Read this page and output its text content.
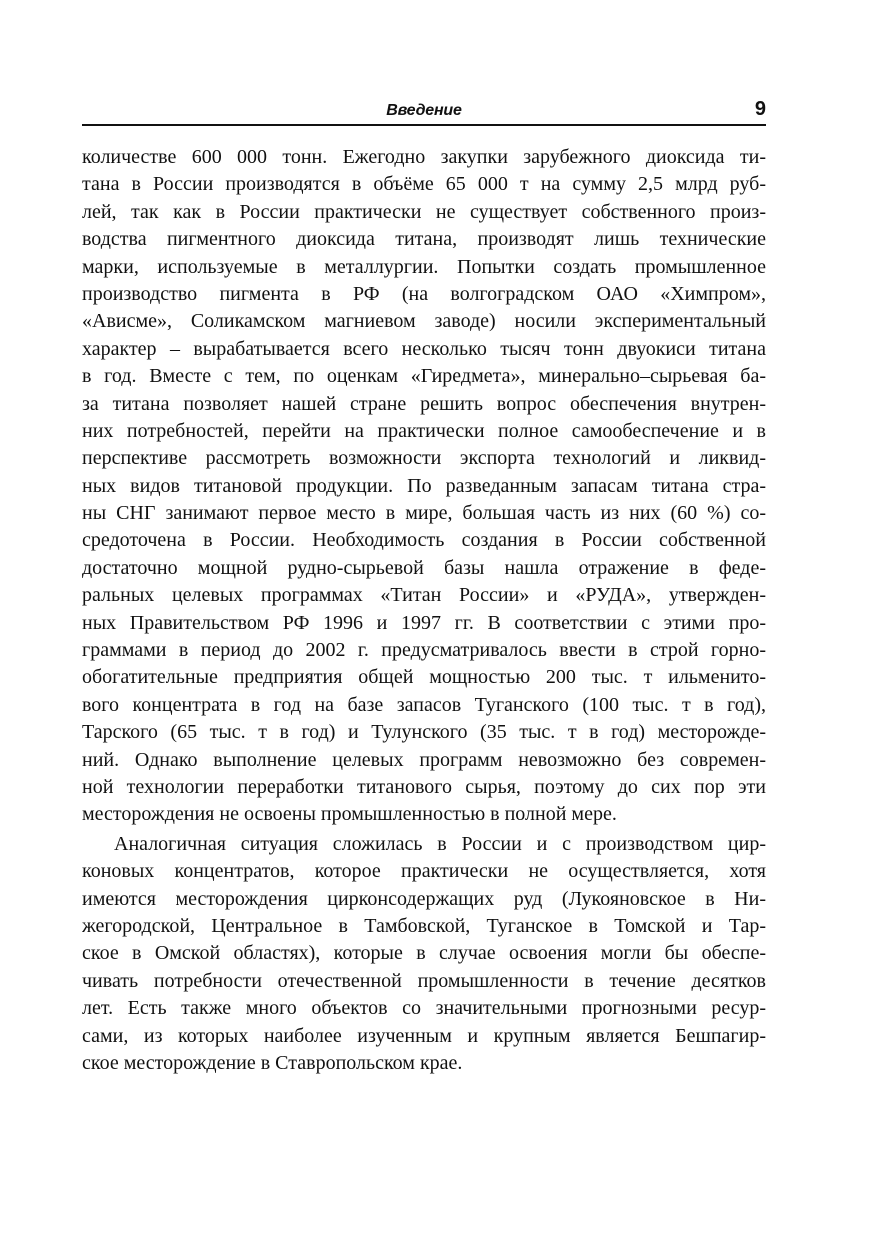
Введение	9
количестве 600 000 тонн. Ежегодно закупки зарубежного диоксида ти-
тана в России производятся в объёме 65 000 т на сумму 2,5 млрд руб-
лей, так как в России практически не существует собственного произ-
водства пигментного диоксида титана, производят лишь технические
марки, используемые в металлургии. Попытки создать промышленное
производство пигмента в РФ (на волгоградском ОАО «Химпром»,
«Ависме», Соликамском магниевом заводе) носили экспериментальный
характер – вырабатывается всего несколько тысяч тонн двуокиси титана
в год. Вместе с тем, по оценкам «Гиредмета», минерально–сырьевая ба-
за титана позволяет нашей стране решить вопрос обеспечения внутрен-
них потребностей, перейти на практически полное самообеспечение и в
перспективе рассмотреть возможности экспорта технологий и ликвид-
ных видов титановой продукции. По разведанным запасам титана стра-
ны СНГ занимают первое место в мире, большая часть из них (60 %) со-
средоточена в России. Необходимость создания в России собственной
достаточно мощной рудно-сырьевой базы нашла отражение в феде-
ральных целевых программах «Титан России» и «РУДА», утвержден-
ных Правительством РФ 1996 и 1997 гг. В соответствии с этими про-
граммами в период до 2002 г. предусматривалось ввести в строй горно-
обогатительные предприятия общей мощностью 200 тыс. т ильменито-
вого концентрата в год на базе запасов Туганского (100 тыс. т в год),
Тарского (65 тыс. т в год) и Тулунского (35 тыс. т в год) месторожде-
ний. Однако выполнение целевых программ невозможно без современ-
ной технологии переработки титанового сырья, поэтому до сих пор эти
месторождения не освоены промышленностью в полной мере.
Аналогичная ситуация сложилась в России и с производством цир-
коновых концентратов, которое практически не осуществляется, хотя
имеются месторождения цирконсодержащих руд (Лукояновское в Ни-
жегородской, Центральное в Тамбовской, Туганское в Томской и Тар-
ское в Омской областях), которые в случае освоения могли бы обеспе-
чивать потребности отечественной промышленности в течение десятков
лет. Есть также много объектов со значительными прогнозными ресур-
сами, из которых наиболее изученным и крупным является Бешпагир-
ское месторождение в Ставропольском крае.
